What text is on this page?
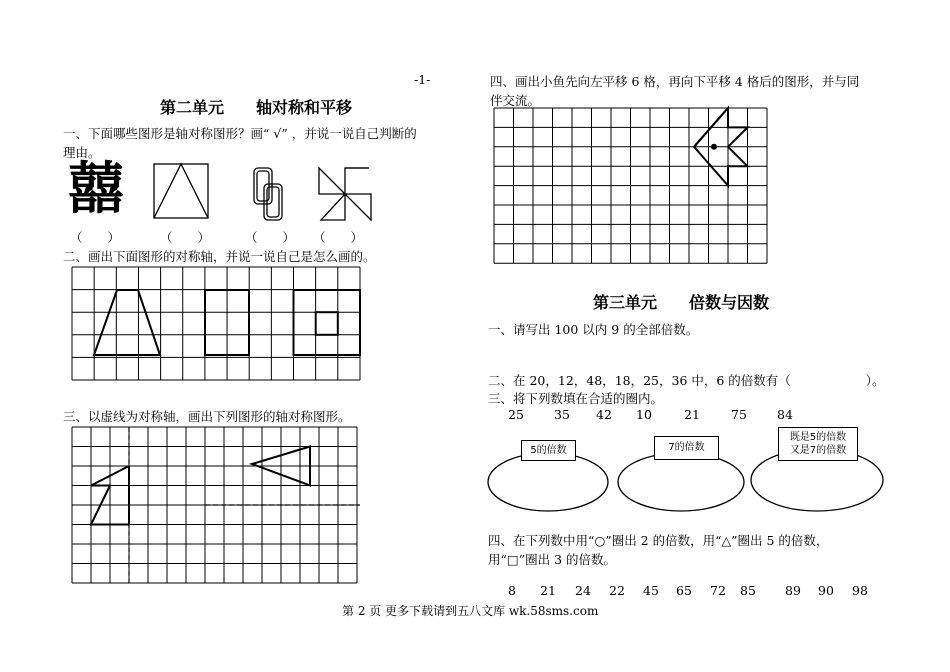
-1-
第二单元　　轴对称和平移
一、下面哪些图形是轴对称图形？画“ √” ，并说一说自己判断的
理由。
囍
（　　）	（　　）	（　　） （　　）
二、画出下面图形的对称轴，并说一说自己是怎么画的。
三、以虚线为对称轴，画出下列图形的轴对称图形。
四、画出小鱼先向左平移 6 格，再向下平移 4 格后的图形，并与同
伴交流。
第三单元　　倍数与因数
一、请写出 100 以内 9 的全部倍数。
二、在 20，12，48，18，25，36 中，6 的倍数有（　　　　　　）。
三、将下列数填在合适的圈内。
25 35 42 10	21 75 84
5的倍数	7的倍数
既是5的倍数
又是7的倍数
四、在下列数中用“○”圈出 2 的倍数，用“△”圈出 5 的倍数，
用“□”圈出 3 的倍数。
8 21 24 22 45 65 72 85 89 90 98
第 2 页 更多下载请到五八文库 wk.58sms.com
